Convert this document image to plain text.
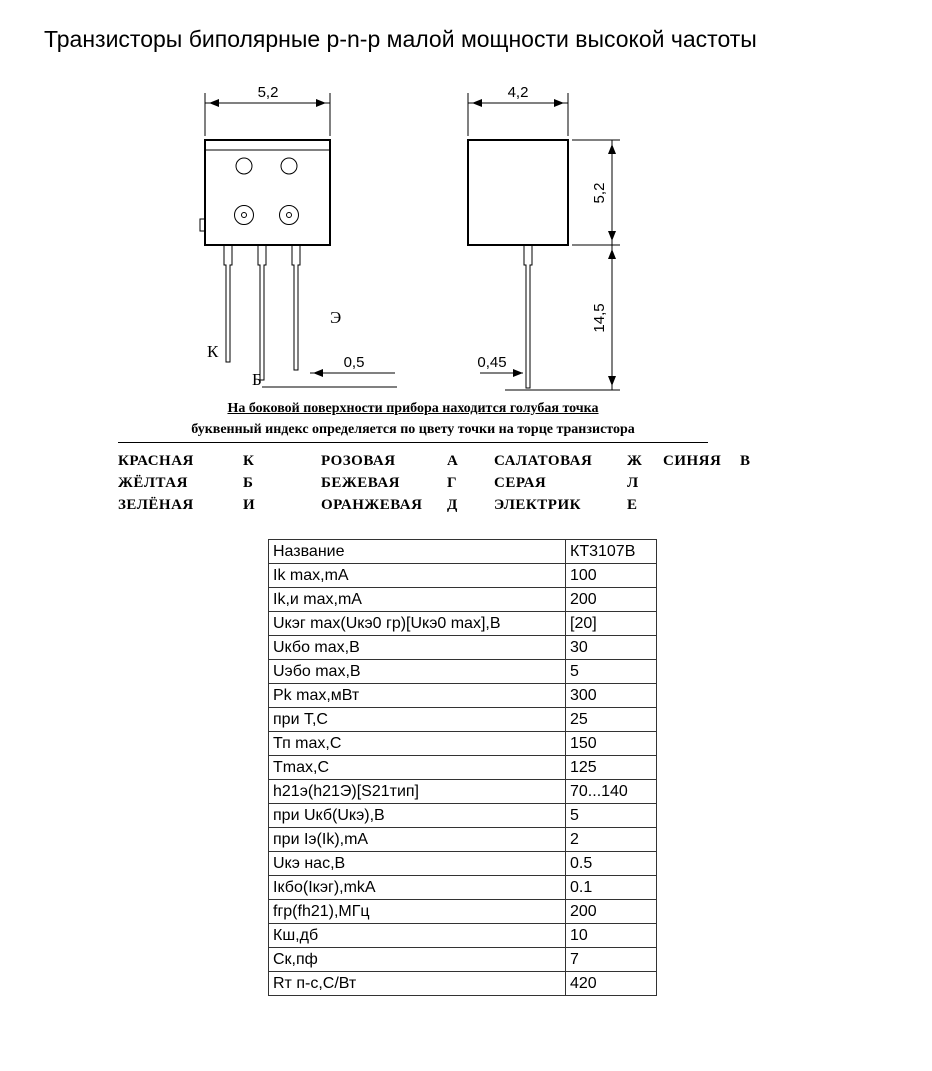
Транзисторы биполярные p-n-p малой мощности высокой частоты
5,2
К
Б
Э
0,5
4,2
5,2
14,5
0,45
На боковой поверхности прибора находится голубая точка
буквенный индекс определяется по цвету точки на торце транзистора
КРАСНАЯ	К	РОЗОВАЯ	А	САЛАТОВАЯ	Ж	СИНЯЯ	В
ЖЁЛТАЯ	Б	БЕЖЕВАЯ	Г	СЕРАЯ	Л
ЗЕЛЁНАЯ	И	ОРАНЖЕВАЯ	Д	ЭЛЕКТРИК	Е
Название	КТ3107В
Ik max,mA	100
Ik,и max,mA	200
Uкэг max(Uкэ0 гр)[Uкэ0 max],B	[20]
Uкбо max,B	30
Uэбо max,B	5
Pk max,мВт	300
при T,C	25
Тп max,C	150
Tmax,C	125
h21э(h21Э)[S21тип]	70...140
при Uкб(Uкэ),B	5
при Iэ(Ik),mA	2
Uкэ нас,B	0.5
Iкбо(Iкэг),mkA	0.1
fгр(fh21),МГц	200
Кш,дб	10
Ск,пф	7
Rт п-с,C/Вт	420
